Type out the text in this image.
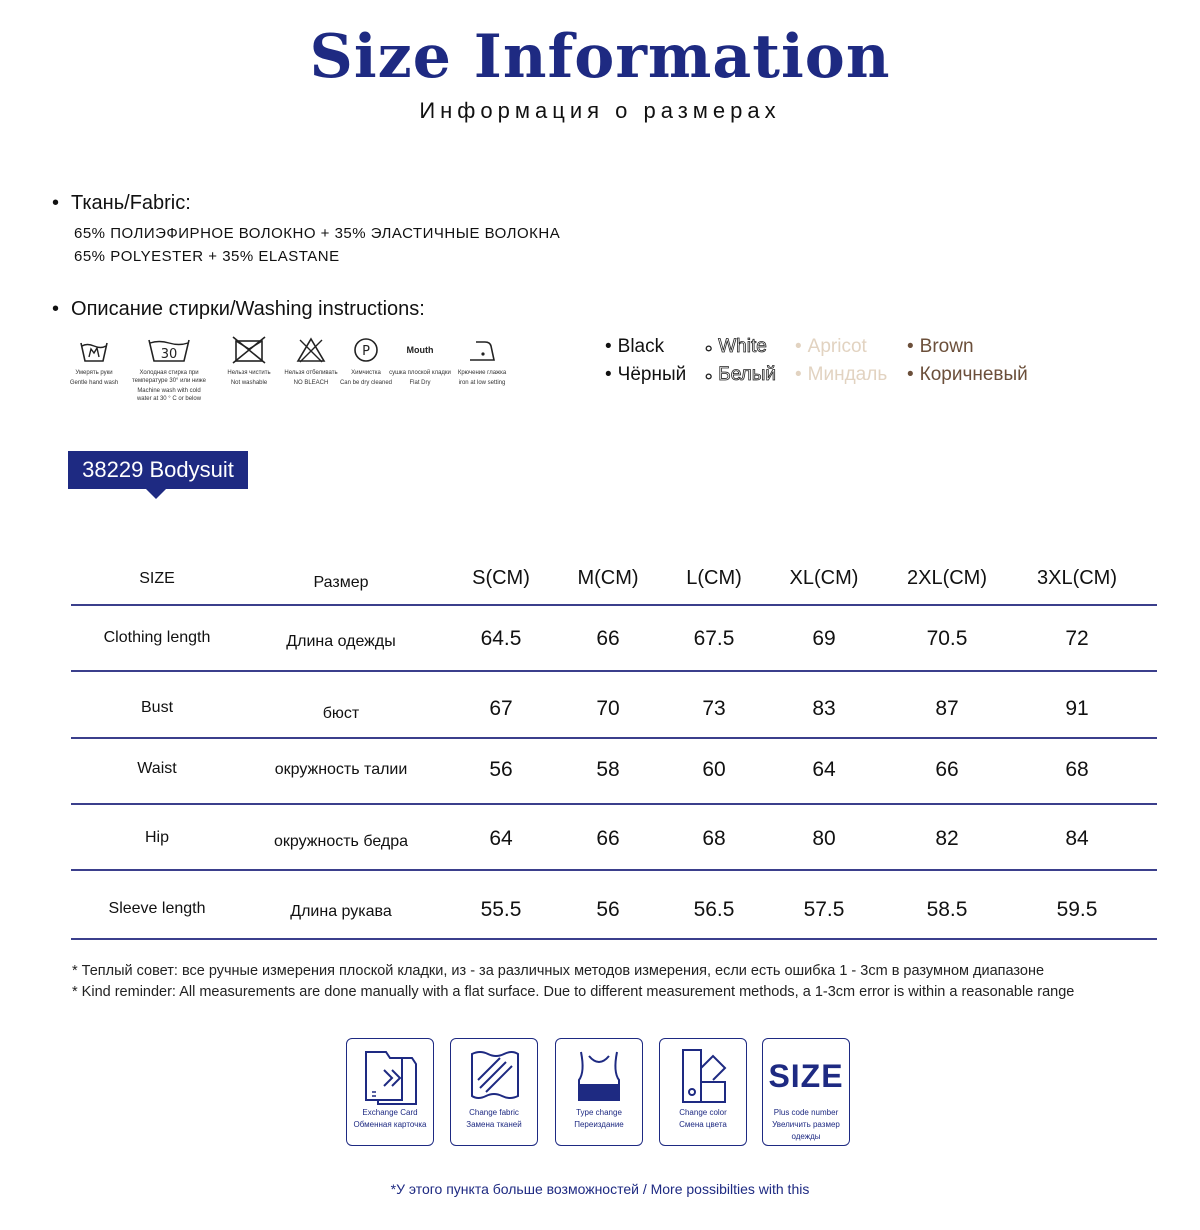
Size Information
Информация о размерах
• Ткань/Fabric:
65% ПОЛИЭФИРНОЕ ВОЛОКНО + 35% ЭЛАСТИЧНЫЕ ВОЛОКНА
65% POLYESTER + 35% ELASTANE
• Описание стирки/Washing instructions:
Умерять руки
Gentle hand wash
30
Холодная стирка при температуре 30° или ниже
Machine wash with cold water at 30 ° C or below
Нельзя чистить
Not washable
Нельзя отбеливать
NO BLEACH
P
Химчистка
Can be dry cleaned
Mouth
сушка плоской кладки
Flat Dry
Крючение глажка
iron at low setting
• Black	○ White	• Apricot	• Brown
• Чёрный	○ Белый • Миндаль	• Коричневый
38229 Bodysuit
SIZE	Размер	S(CM) M(CM) L(CM) XL(CM) 2XL(CM) 3XL(CM)
Clothing length	Длина одежды	64.5	66	67.5	69	70.5	72
Bust	бюст	67	70	73	83	87	91
Waist	окружность талии	56	58	60	64	66	68
Hip	окружность бедра	64	66	68	80	82	84
Sleeve length	Длина рукава	55.5	56	56.5	57.5	58.5	59.5
* Теплый совет: все ручные измерения плоской кладки, из - за различных методов измерения, если есть ошибка 1 - 3cm в разумном диапазоне
* Kind reminder: All measurements are done manually with a flat surface. Due to different measurement methods, a 1-3cm error is within a reasonable range
Exchange Card
Обменная карточка
Change fabric
Замена тканей
Type change
Переизданиe
Change color
Смена цвета
SIZE
Plus code number
Увеличить размер одежды
*У этого пункта больше возможностей / More possibilties with this
